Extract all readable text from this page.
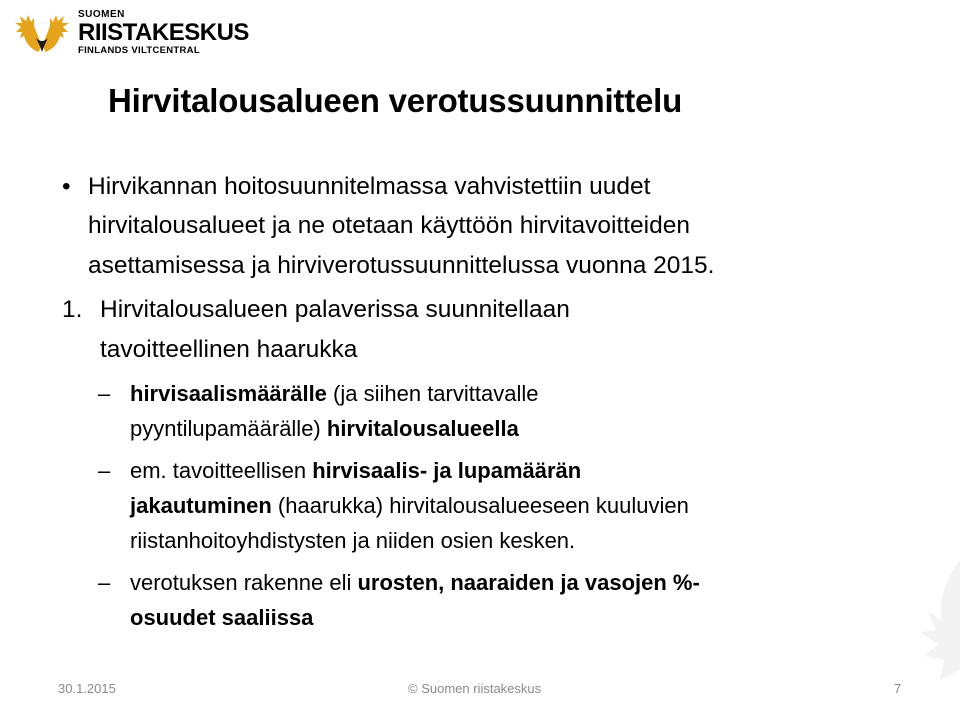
SUOMEN
RIISTAKESKUS
FINLANDS VILTCENTRAL
Hirvitalousalueen verotussuunnittelu
• Hirvikannan hoitosuunnitelmassa vahvistettiin uudet
hirvitalousalueet ja ne otetaan käyttöön hirvitavoitteiden
asettamisessa ja hirviverotussuunnittelussa vuonna 2015.
1. Hirvitalousalueen palaverissa suunnitellaan
tavoitteellinen haarukka
– hirvisaalismäärälle (ja siihen tarvittavalle
pyyntilupamäärälle) hirvitalousalueella
– em. tavoitteellisen hirvisaalis- ja lupamäärän
jakautuminen (haarukka) hirvitalousalueeseen kuuluvien
riistanhoitoyhdistysten ja niiden osien kesken.
– verotuksen rakenne eli urosten, naaraiden ja vasojen %-
osuudet saaliissa
30.1.2015	© Suomen riistakeskus	7
